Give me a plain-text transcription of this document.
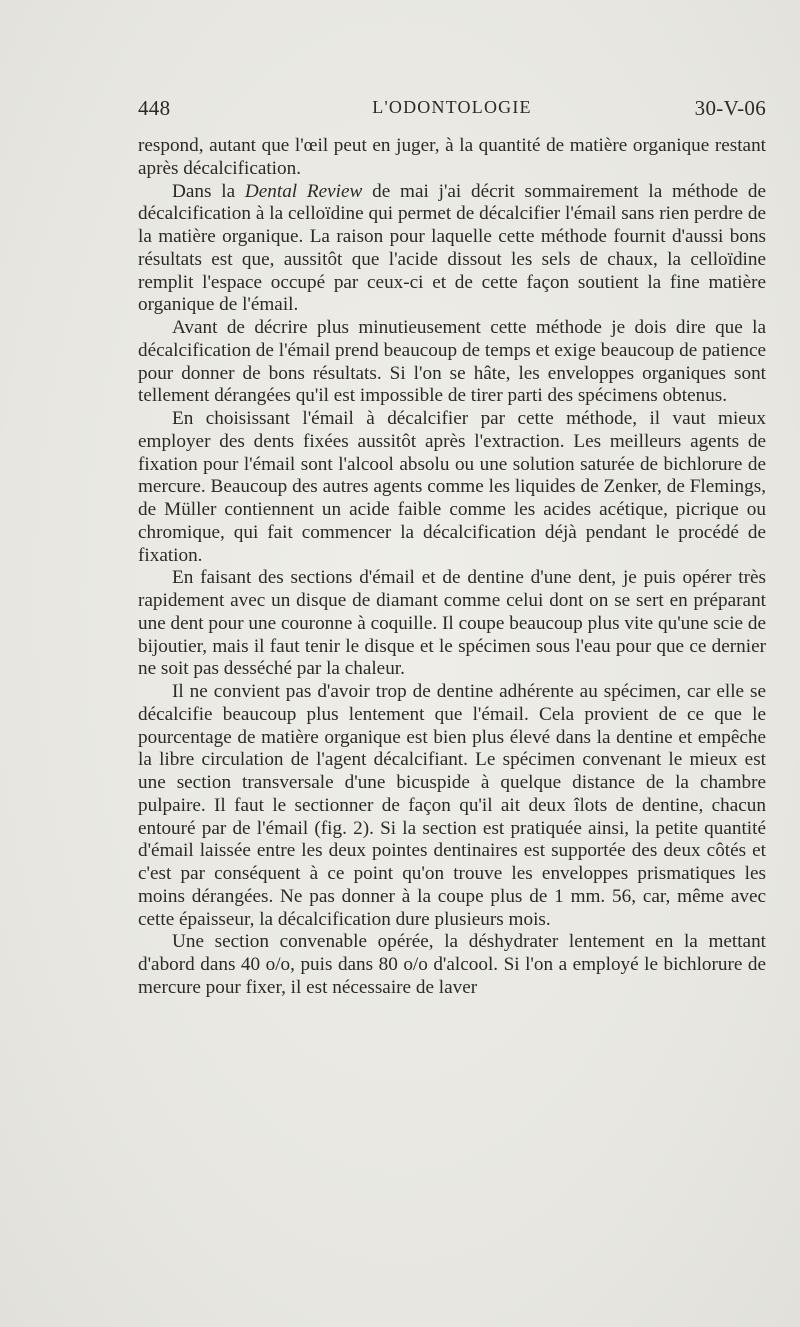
448	L'ODONTOLOGIE	30-V-06

respond, autant que l'œil peut en juger, à la quantité de matière organique restant après décalcification.

Dans la Dental Review de mai j'ai décrit sommairement la méthode de décalcification à la celloïdine qui permet de décalcifier l'émail sans rien perdre de la matière organique. La raison pour laquelle cette méthode fournit d'aussi bons résultats est que, aussitôt que l'acide dissout les sels de chaux, la celloïdine remplit l'espace occupé par ceux-ci et de cette façon soutient la fine matière organique de l'émail.

Avant de décrire plus minutieusement cette méthode je dois dire que la décalcification de l'émail prend beaucoup de temps et exige beaucoup de patience pour donner de bons résultats. Si l'on se hâte, les enveloppes organiques sont tellement dérangées qu'il est impossible de tirer parti des spécimens obtenus.

En choisissant l'émail à décalcifier par cette méthode, il vaut mieux employer des dents fixées aussitôt après l'extraction. Les meilleurs agents de fixation pour l'émail sont l'alcool absolu ou une solution saturée de bichlorure de mercure. Beaucoup des autres agents comme les liquides de Zenker, de Flemings, de Müller contiennent un acide faible comme les acides acétique, picrique ou chromique, qui fait commencer la décalcification déjà pendant le procédé de fixation.

En faisant des sections d'émail et de dentine d'une dent, je puis opérer très rapidement avec un disque de diamant comme celui dont on se sert en préparant une dent pour une couronne à coquille. Il coupe beaucoup plus vite qu'une scie de bijoutier, mais il faut tenir le disque et le spécimen sous l'eau pour que ce dernier ne soit pas desséché par la chaleur.

Il ne convient pas d'avoir trop de dentine adhérente au spécimen, car elle se décalcifie beaucoup plus lentement que l'émail. Cela provient de ce que le pourcentage de matière organique est bien plus élevé dans la dentine et empêche la libre circulation de l'agent décalcifiant. Le spécimen convenant le mieux est une section transversale d'une bicuspide à quelque distance de la chambre pulpaire. Il faut le sectionner de façon qu'il ait deux îlots de dentine, chacun entouré par de l'émail (fig. 2). Si la section est pratiquée ainsi, la petite quantité d'émail laissée entre les deux pointes dentinaires est supportée des deux côtés et c'est par conséquent à ce point qu'on trouve les enveloppes prismatiques les moins dérangées. Ne pas donner à la coupe plus de 1 mm. 56, car, même avec cette épaisseur, la décalcification dure plusieurs mois.

Une section convenable opérée, la déshydrater lentement en la mettant d'abord dans 40 o/o, puis dans 80 o/o d'alcool. Si l'on a employé le bichlorure de mercure pour fixer, il est nécessaire de laver
